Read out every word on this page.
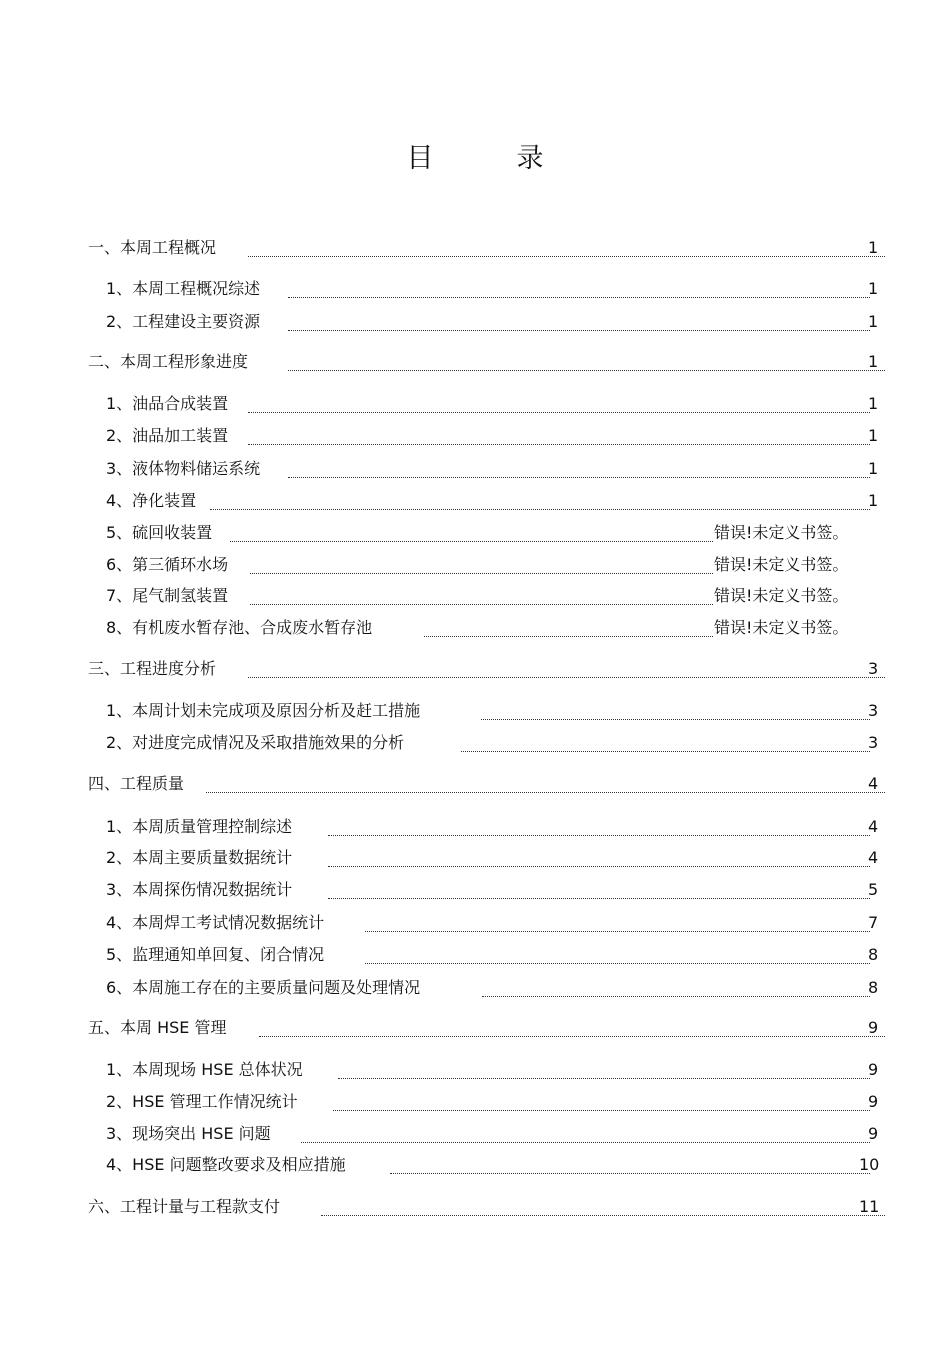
目　录
一、本周工程概况	1
1、本周工程概况综述	1
2、工程建设主要资源	1
二、本周工程形象进度	1
1、油品合成装置	1
2、油品加工装置	1
3、液体物料储运系统	1
4、净化装置	1
5、硫回收装置	错误!未定义书签。
6、第三循环水场	错误!未定义书签。
7、尾气制氢装置	错误!未定义书签。
8、有机废水暂存池、合成废水暂存池	错误!未定义书签。
三、工程进度分析	3
1、本周计划未完成项及原因分析及赶工措施	3
2、对进度完成情况及采取措施效果的分析	3
四、工程质量	4
1、本周质量管理控制综述	4
2、本周主要质量数据统计	4
3、本周探伤情况数据统计	5
4、本周焊工考试情况数据统计	7
5、监理通知单回复、闭合情况	8
6、本周施工存在的主要质量问题及处理情况	8
五、本周 HSE 管理	9
1、本周现场 HSE 总体状况	9
2、HSE 管理工作情况统计	9
3、现场突出 HSE 问题	9
4、HSE 问题整改要求及相应措施	10
六、工程计量与工程款支付	11
